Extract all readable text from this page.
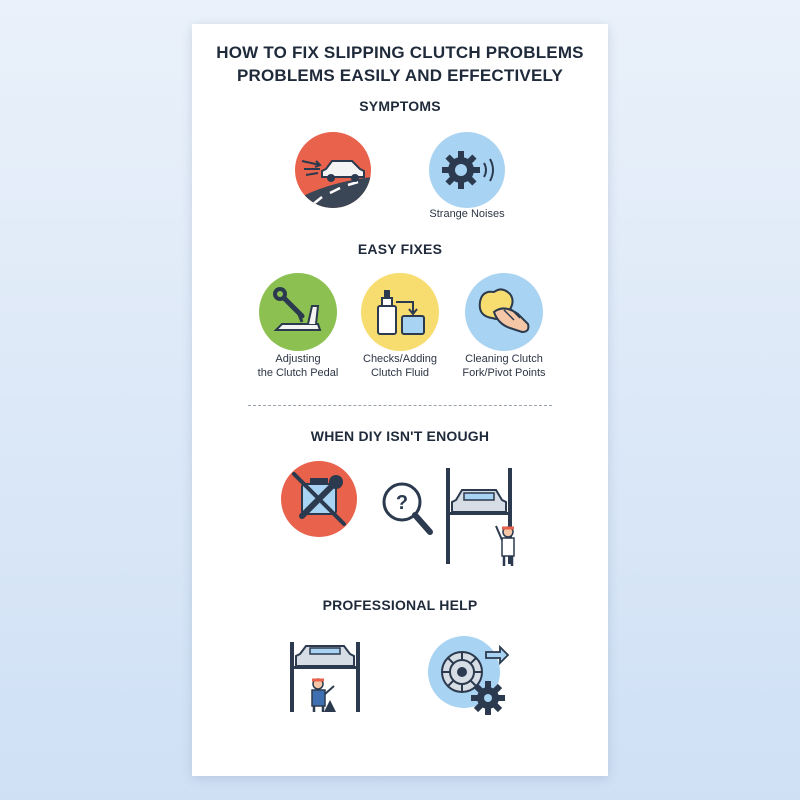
HOW TO FIX SLIPPING CLUTCH PROBLEMS
PROBLEMS EASILY AND EFFECTIVELY
SYMPTOMS
Strange Noises
EASY FIXES
Adjusting
the Clutch Pedal
Checks/Adding
Clutch Fluid
Cleaning Clutch
Fork/Pivot Points
WHEN DIY ISN'T ENOUGH
?
PROFESSIONAL HELP
